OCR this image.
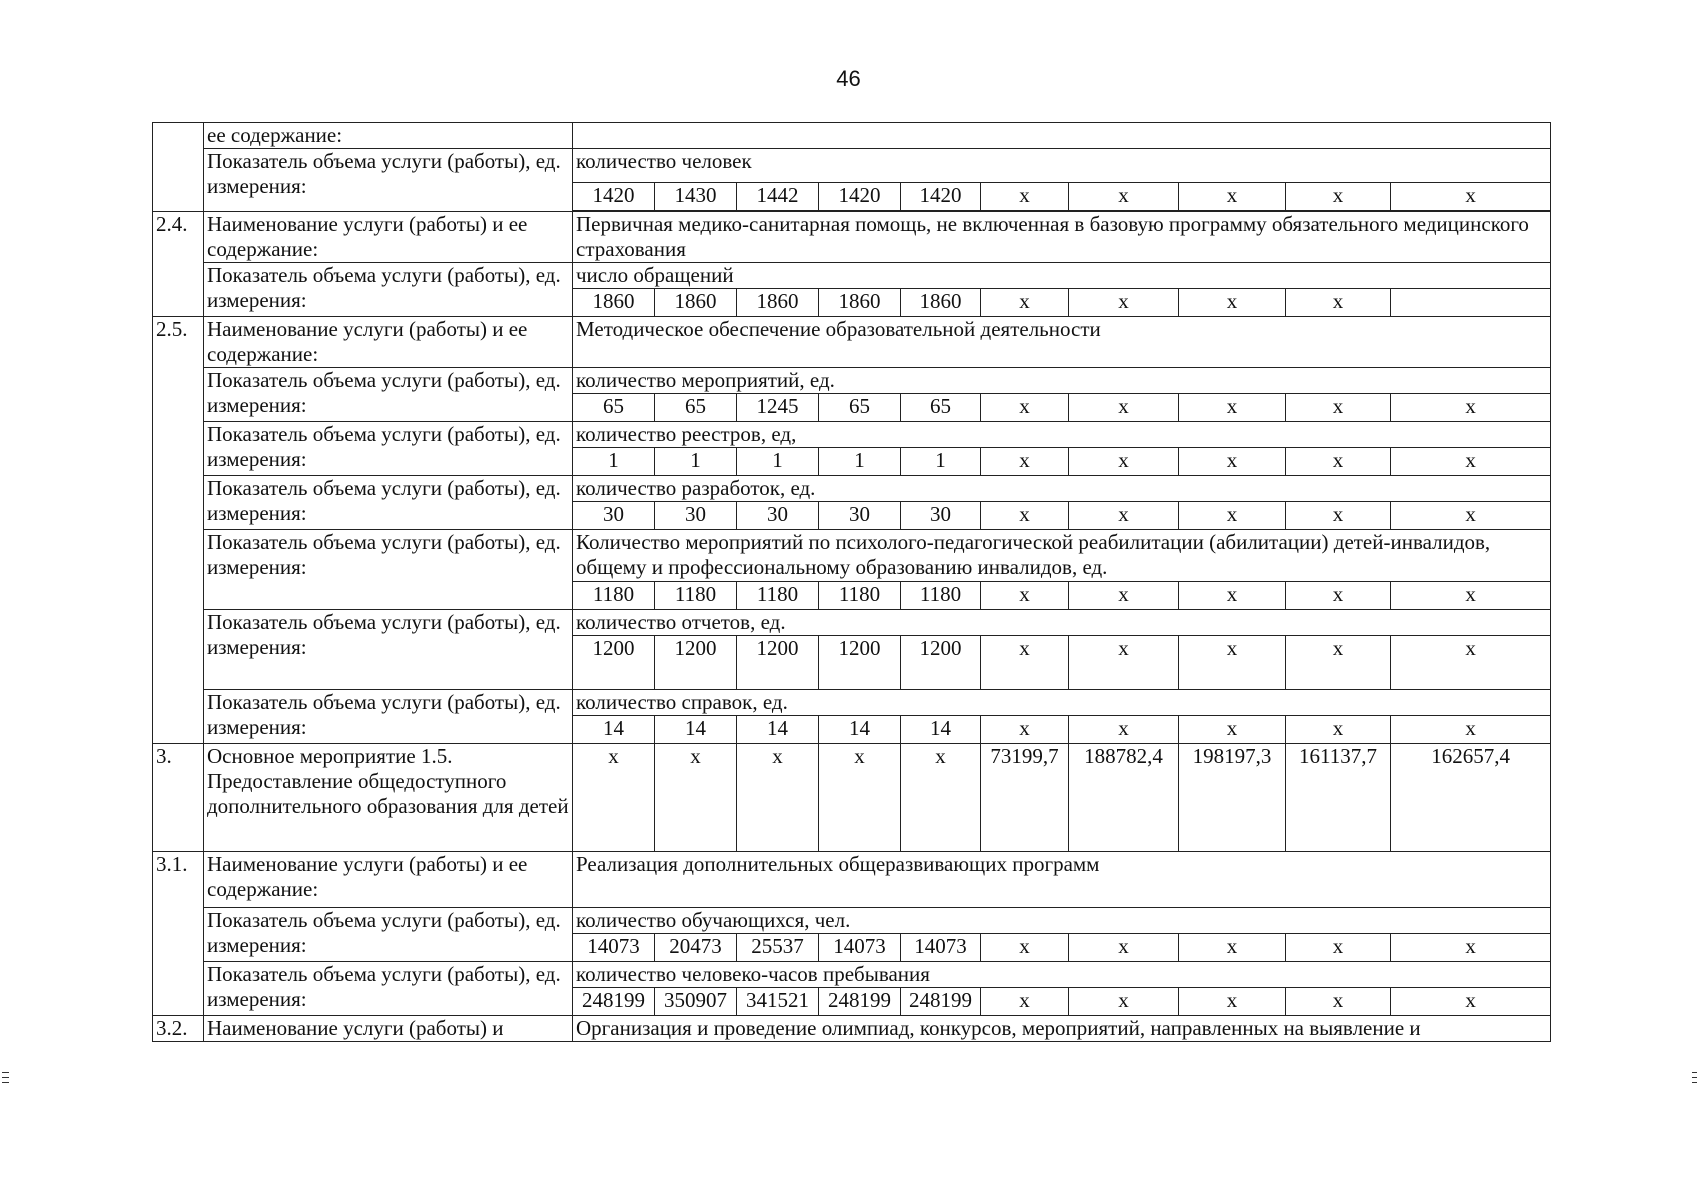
46
	ее содержание:										
	Показатель объема услуги (работы), ед. измерения:	количество человек									
		1420	1430	1442	1420	1420	х	х	х	х	х

2.4.	Наименование услуги (работы) и ее содержание:	Первичная медико-санитарная помощь, не включенная в базовую программу обязательного медицинского страхования									
	Показатель объема услуги (работы), ед. измерения:	число обращений									
		1860	1860	1860	1860	1860	х	х	х	х	
2.5.	Наименование услуги (работы) и ее содержание:	Методическое обеспечение образовательной деятельности									
	Показатель объема услуги (работы), ед. измерения:	количество мероприятий, ед.									
		65	65	1245	65	65	х	х	х	х	х
	Показатель объема услуги (работы), ед. измерения:	количество реестров, ед,									
		1	1	1	1	1	х	х	х	х	х
	Показатель объема услуги (работы), ед. измерения:	количество разработок, ед.									
		30	30	30	30	30	х	х	х	х	х
	Показатель объема услуги (работы), ед. измерения:	Количество мероприятий по психолого-педагогической реабилитации (абилитации) детей-инвалидов, общему и профессиональному образованию инвалидов, ед.									
		1180	1180	1180	1180	1180	х	х	х	х	х
	Показатель объема услуги (работы), ед. измерения:	количество отчетов, ед.									
		1200	1200	1200	1200	1200	х	х	х	х	х
	Показатель объема услуги (работы), ед. измерения:	количество справок, ед.									
		14	14	14	14	14	х	х	х	х	х
3.	Основное мероприятие 1.5. Предоставление общедоступного дополнительного образования для детей	х	х	х	х	х	73199,7	188782,4	198197,3	161137,7	162657,4
3.1.	Наименование услуги (работы) и ее содержание:	Реализация дополнительных общеразвивающих программ									
	Показатель объема услуги (работы), ед. измерения:	количество обучающихся, чел.									
		14073	20473	25537	14073	14073	х	х	х	х	х
	Показатель объема услуги (работы), ед. измерения:	количество человеко-часов пребывания									
		248199	350907	341521	248199	248199	х	х	х	х	х
3.2.	Наименование услуги (работы) и	Организация и проведение олимпиад, конкурсов, мероприятий, направленных на выявление и									
